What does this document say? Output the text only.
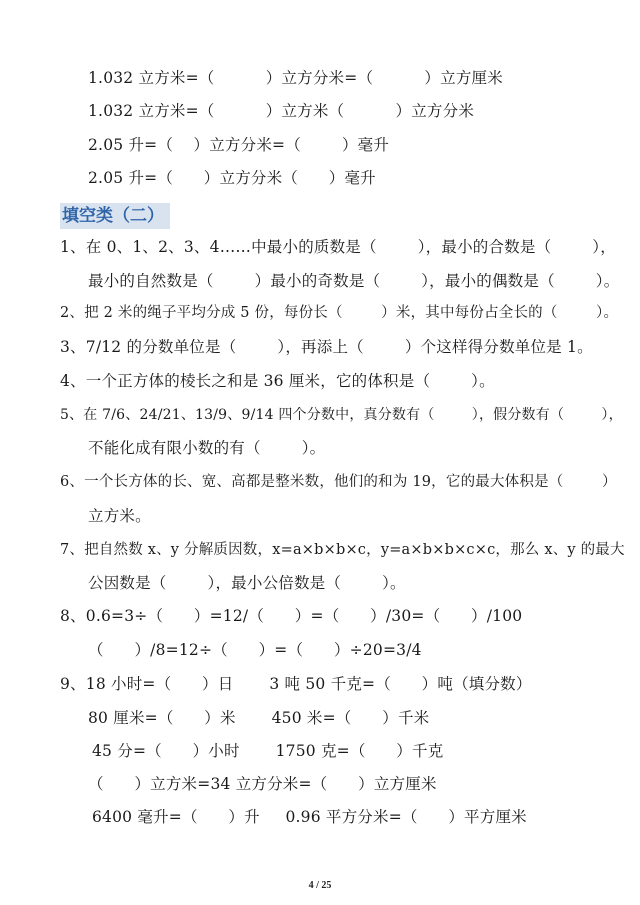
1.032 立方米=（          ）立方分米=（          ）立方厘米
1.032 立方米=（          ）立方米（          ）立方分米
2.05 升=（    ）立方分米=（        ）毫升
2.05 升=（      ）立方分米（      ）毫升
填空类（二）
1、在 0、1、2、3、4……中最小的质数是（        ），最小的合数是（        ），
最小的自然数是（        ）最小的奇数是（        ），最小的偶数是（        ）。
2、把 2 米的绳子平均分成 5 份，每份长（        ）米，其中每份占全长的（        ）。
3、7/12 的分数单位是（        ），再添上（        ）个这样得分数单位是 1。
4、一个正方体的棱长之和是 36 厘米，它的体积是（        ）。
5、在 7/6、24/21、13/9、9/14 四个分数中，真分数有（        ），假分数有（        ），
不能化成有限小数的有（        ）。
6、一个长方体的长、宽、高都是整米数，他们的和为 19，它的最大体积是（        ）
立方米。
7、把自然数 x、y 分解质因数，x=a×b×b×c，y=a×b×b×c×c，那么 x、y 的最大
公因数是（        ），最小公倍数是（        ）。
8、0.6=3÷（      ）=12/（      ）=（      ）/30=（      ）/100
（      ）/8=12÷（      ）=（      ）÷20=3/4
9、18 小时=（      ）日       3 吨 50 千克=（      ）吨（填分数）
80 厘米=（      ）米       450 米=（      ）千米
45 分=（      ）小时       1750 克=（      ）千克
（      ）立方米=34 立方分米=（      ）立方厘米
6400 毫升=（      ）升     0.96 平方分米=（      ）平方厘米
4 / 25
